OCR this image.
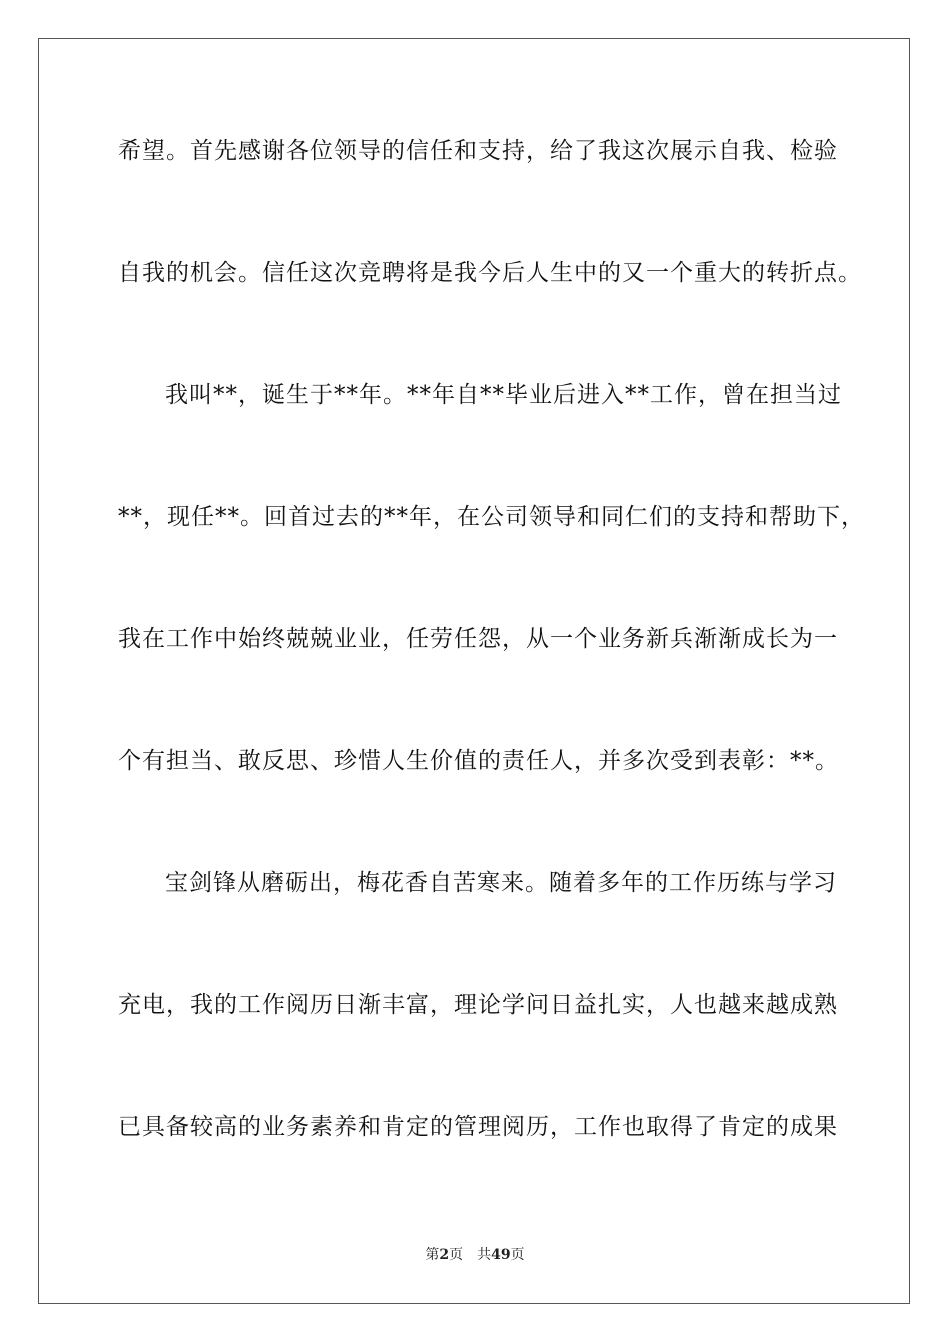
希望。首先感谢各位领导的信任和支持，给了我这次展示自我、检验
自我的机会。信任这次竞聘将是我今后人生中的又一个重大的转折点。
我叫**，诞生于**年。**年自**毕业后进入**工作，曾在担当过
**，现任**。回首过去的**年，在公司领导和同仁们的支持和帮助下，
我在工作中始终兢兢业业，任劳任怨，从一个业务新兵渐渐成长为一
个有担当、敢反思、珍惜人生价值的责任人，并多次受到表彰：**。
宝剑锋从磨砺出，梅花香自苦寒来。随着多年的工作历练与学习
充电，我的工作阅历日渐丰富，理论学问日益扎实，人也越来越成熟
已具备较高的业务素养和肯定的管理阅历，工作也取得了肯定的成果
第2页 共49页
